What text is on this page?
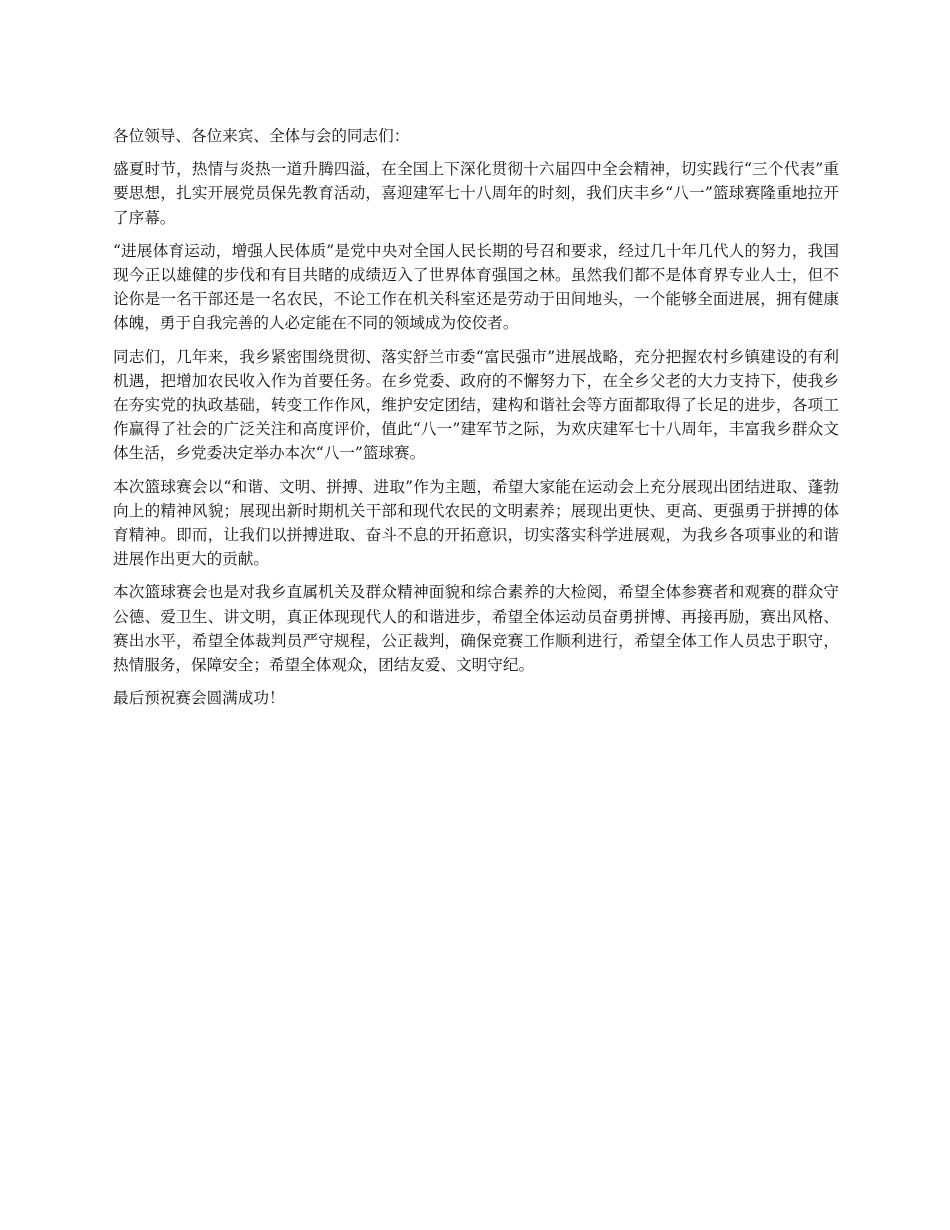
各位领导、各位来宾、全体与会的同志们：

盛夏时节，热情与炎热一道升腾四溢，在全国上下深化贯彻十六届四中全会精神，切实践行“三个代表”重要思想，扎实开展党员保先教育活动，喜迎建军七十八周年的时刻，我们庆丰乡“八一”篮球赛隆重地拉开了序幕。

“进展体育运动，增强人民体质”是党中央对全国人民长期的号召和要求，经过几十年几代人的努力，我国现今正以雄健的步伐和有目共睹的成绩迈入了世界体育强国之林。虽然我们都不是体育界专业人士，但不论你是一名干部还是一名农民，不论工作在机关科室还是劳动于田间地头，一个能够全面进展，拥有健康体魄，勇于自我完善的人必定能在不同的领域成为佼佼者。

同志们，几年来，我乡紧密围绕贯彻、落实舒兰市委“富民强市”进展战略，充分把握农村乡镇建设的有利机遇，把增加农民收入作为首要任务。在乡党委、政府的不懈努力下，在全乡父老的大力支持下，使我乡在夯实党的执政基础，转变工作作风，维护安定团结，建构和谐社会等方面都取得了长足的进步，各项工作赢得了社会的广泛关注和高度评价，值此“八一”建军节之际，为欢庆建军七十八周年，丰富我乡群众文体生活，乡党委决定举办本次“八一”篮球赛。

本次篮球赛会以“和谐、文明、拼搏、进取”作为主题，希望大家能在运动会上充分展现出团结进取、蓬勃向上的精神风貌；展现出新时期机关干部和现代农民的文明素养；展现出更快、更高、更强勇于拼搏的体育精神。即而，让我们以拼搏进取、奋斗不息的开拓意识，切实落实科学进展观，为我乡各项事业的和谐进展作出更大的贡献。

本次篮球赛会也是对我乡直属机关及群众精神面貌和综合素养的大检阅，希望全体参赛者和观赛的群众守公德、爱卫生、讲文明，真正体现现代人的和谐进步，希望全体运动员奋勇拼博、再接再励，赛出风格、赛出水平，希望全体裁判员严守规程，公正裁判，确保竞赛工作顺利进行，希望全体工作人员忠于职守，热情服务，保障安全；希望全体观众，团结友爱、文明守纪。

最后预祝赛会圆满成功！
